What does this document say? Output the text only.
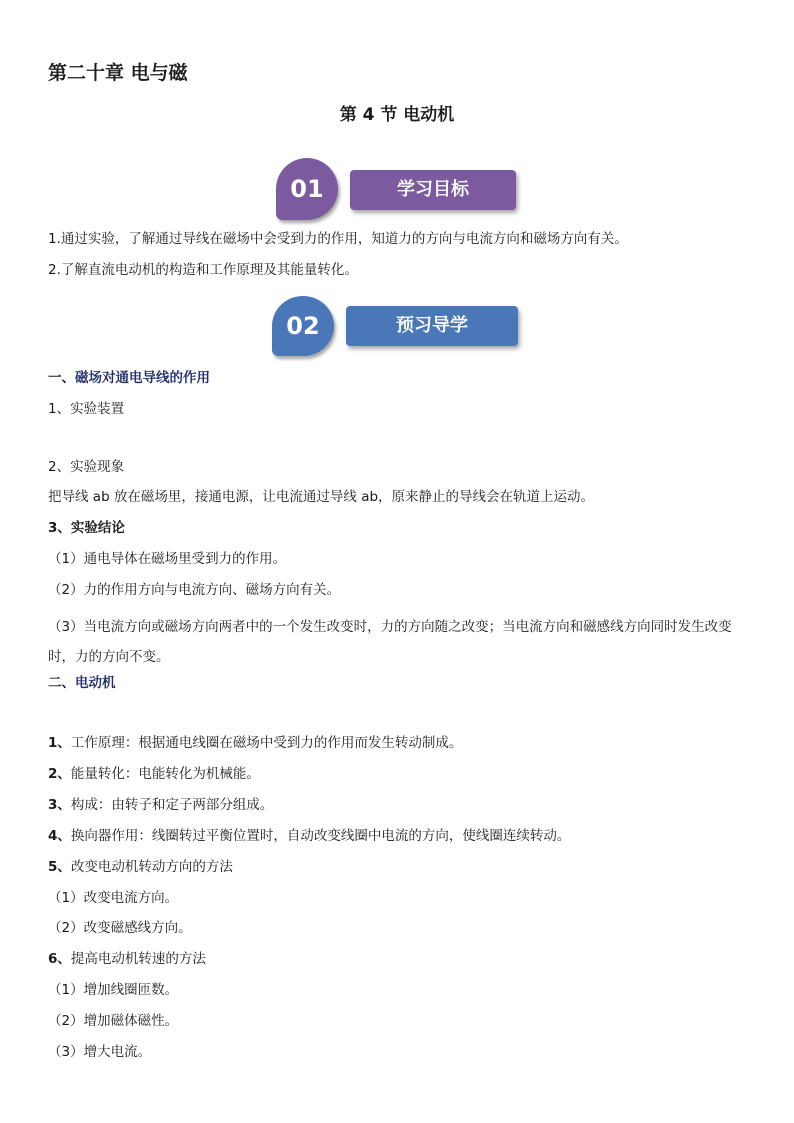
第二十章 电与磁
第 4 节 电动机
学习目标
01
1.通过实验，了解通过导线在磁场中会受到力的作用，知道力的方向与电流方向和磁场方向有关。
2.了解直流电动机的构造和工作原理及其能量转化。
预习导学
02
一、磁场对通电导线的作用
1、实验装置
2、实验现象
把导线 ab 放在磁场里，接通电源，让电流通过导线 ab，原来静止的导线会在轨道上运动。
3、实验结论
（1）通电导体在磁场里受到力的作用。
（2）力的作用方向与电流方向、磁场方向有关。
（3）当电流方向或磁场方向两者中的一个发生改变时，力的方向随之改变；当电流方向和磁感线方向同时发生改变时，力的方向不变。
二、电动机
1、工作原理：根据通电线圈在磁场中受到力的作用而发生转动制成。
2、能量转化：电能转化为机械能。
3、构成：由转子和定子两部分组成。
4、换向器作用：线圈转过平衡位置时，自动改变线圈中电流的方向，使线圈连续转动。
5、改变电动机转动方向的方法
（1）改变电流方向。
（2）改变磁感线方向。
6、提高电动机转速的方法
（1）增加线圈匝数。
（2）增加磁体磁性。
（3）增大电流。
